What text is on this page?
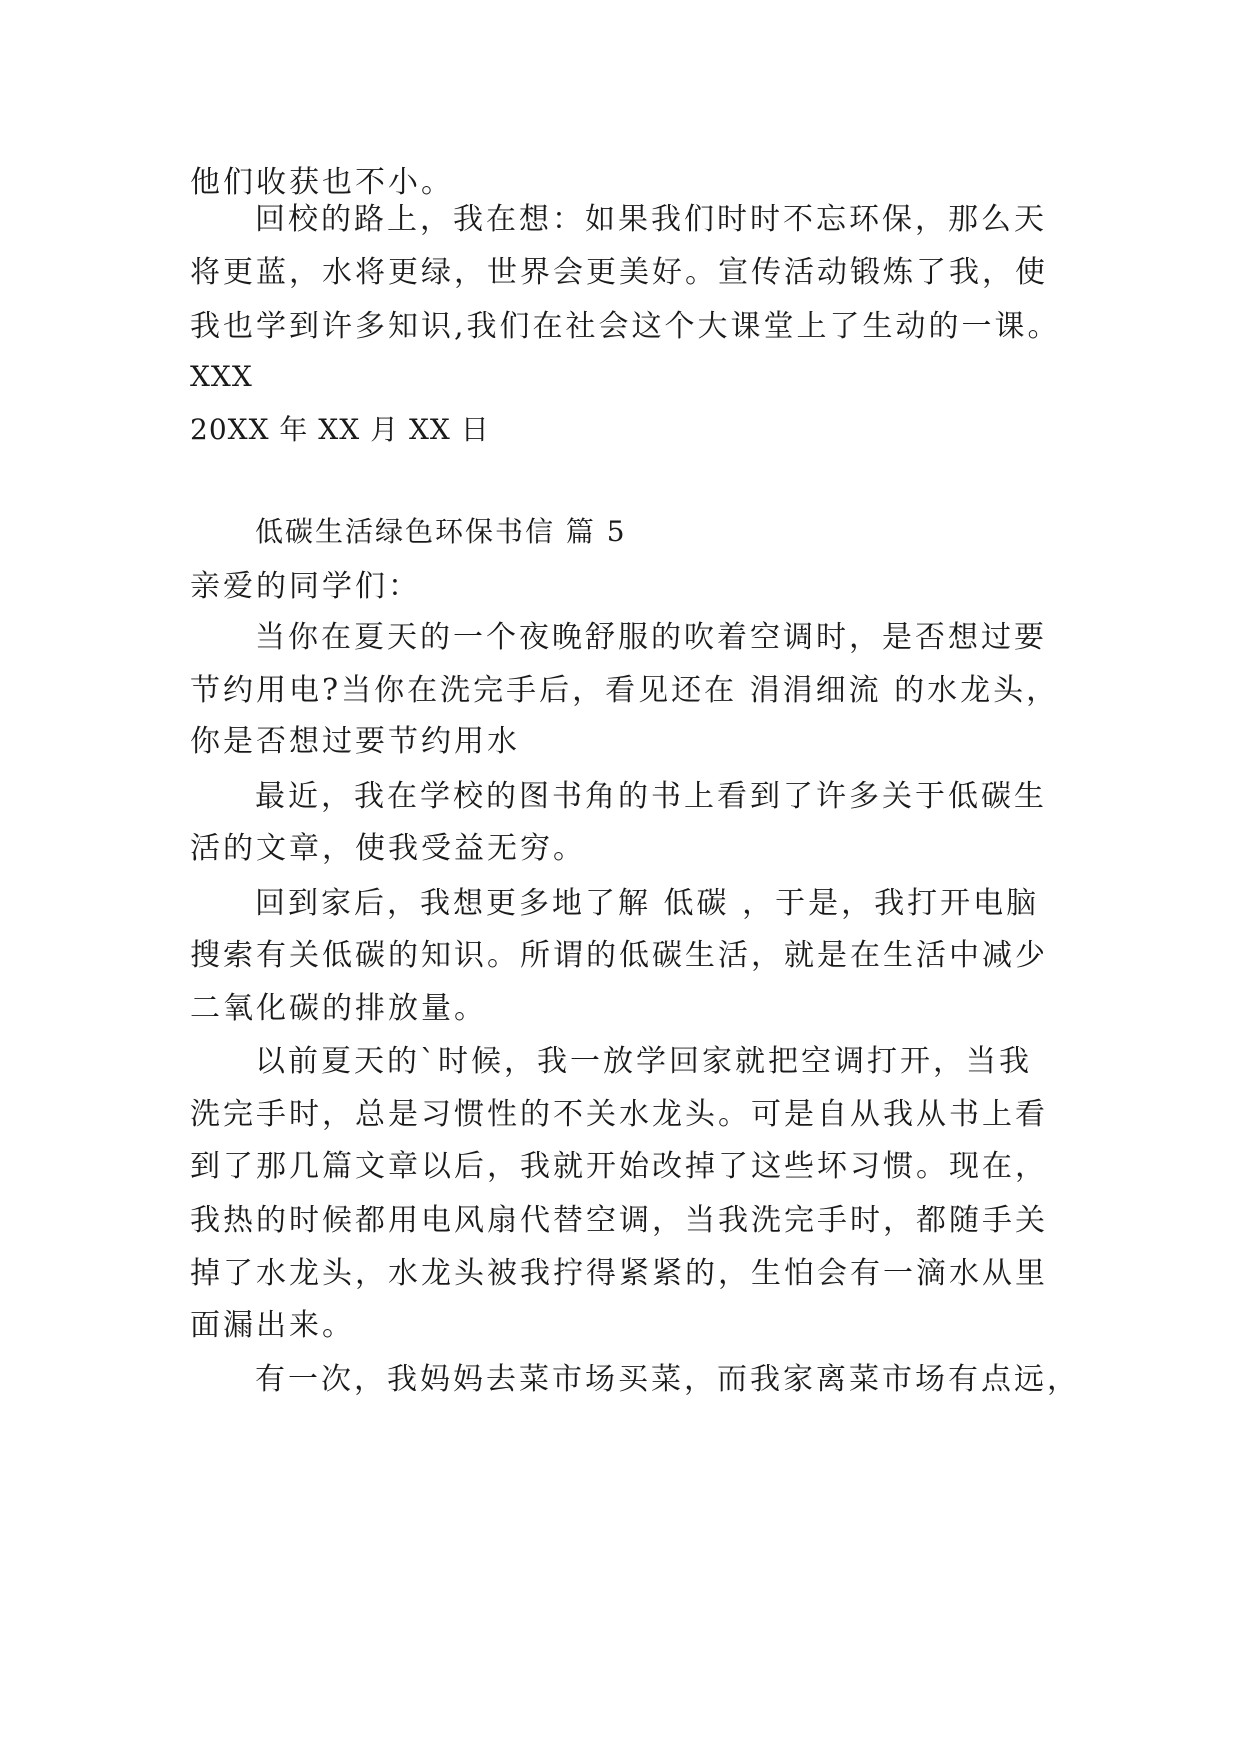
他们收获也不小。
回校的路上，我在想：如果我们时时不忘环保，那么天
将更蓝，水将更绿，世界会更美好。宣传活动锻炼了我，使
我也学到许多知识,我们在社会这个大课堂上了生动的一课。
XXX
20XX 年 XX 月 XX 日
低碳生活绿色环保书信 篇 5
亲爱的同学们：
当你在夏天的一个夜晚舒服的吹着空调时，是否想过要
节约用电?当你在洗完手后，看见还在 涓涓细流 的水龙头，
你是否想过要节约用水
最近，我在学校的图书角的书上看到了许多关于低碳生
活的文章，使我受益无穷。
回到家后，我想更多地了解 低碳 ，于是，我打开电脑
搜索有关低碳的知识。所谓的低碳生活，就是在生活中减少
二氧化碳的排放量。
以前夏天的`时候，我一放学回家就把空调打开，当我
洗完手时，总是习惯性的不关水龙头。可是自从我从书上看
到了那几篇文章以后，我就开始改掉了这些坏习惯。现在，
我热的时候都用电风扇代替空调，当我洗完手时，都随手关
掉了水龙头，水龙头被我拧得紧紧的，生怕会有一滴水从里
面漏出来。
有一次，我妈妈去菜市场买菜，而我家离菜市场有点远，
